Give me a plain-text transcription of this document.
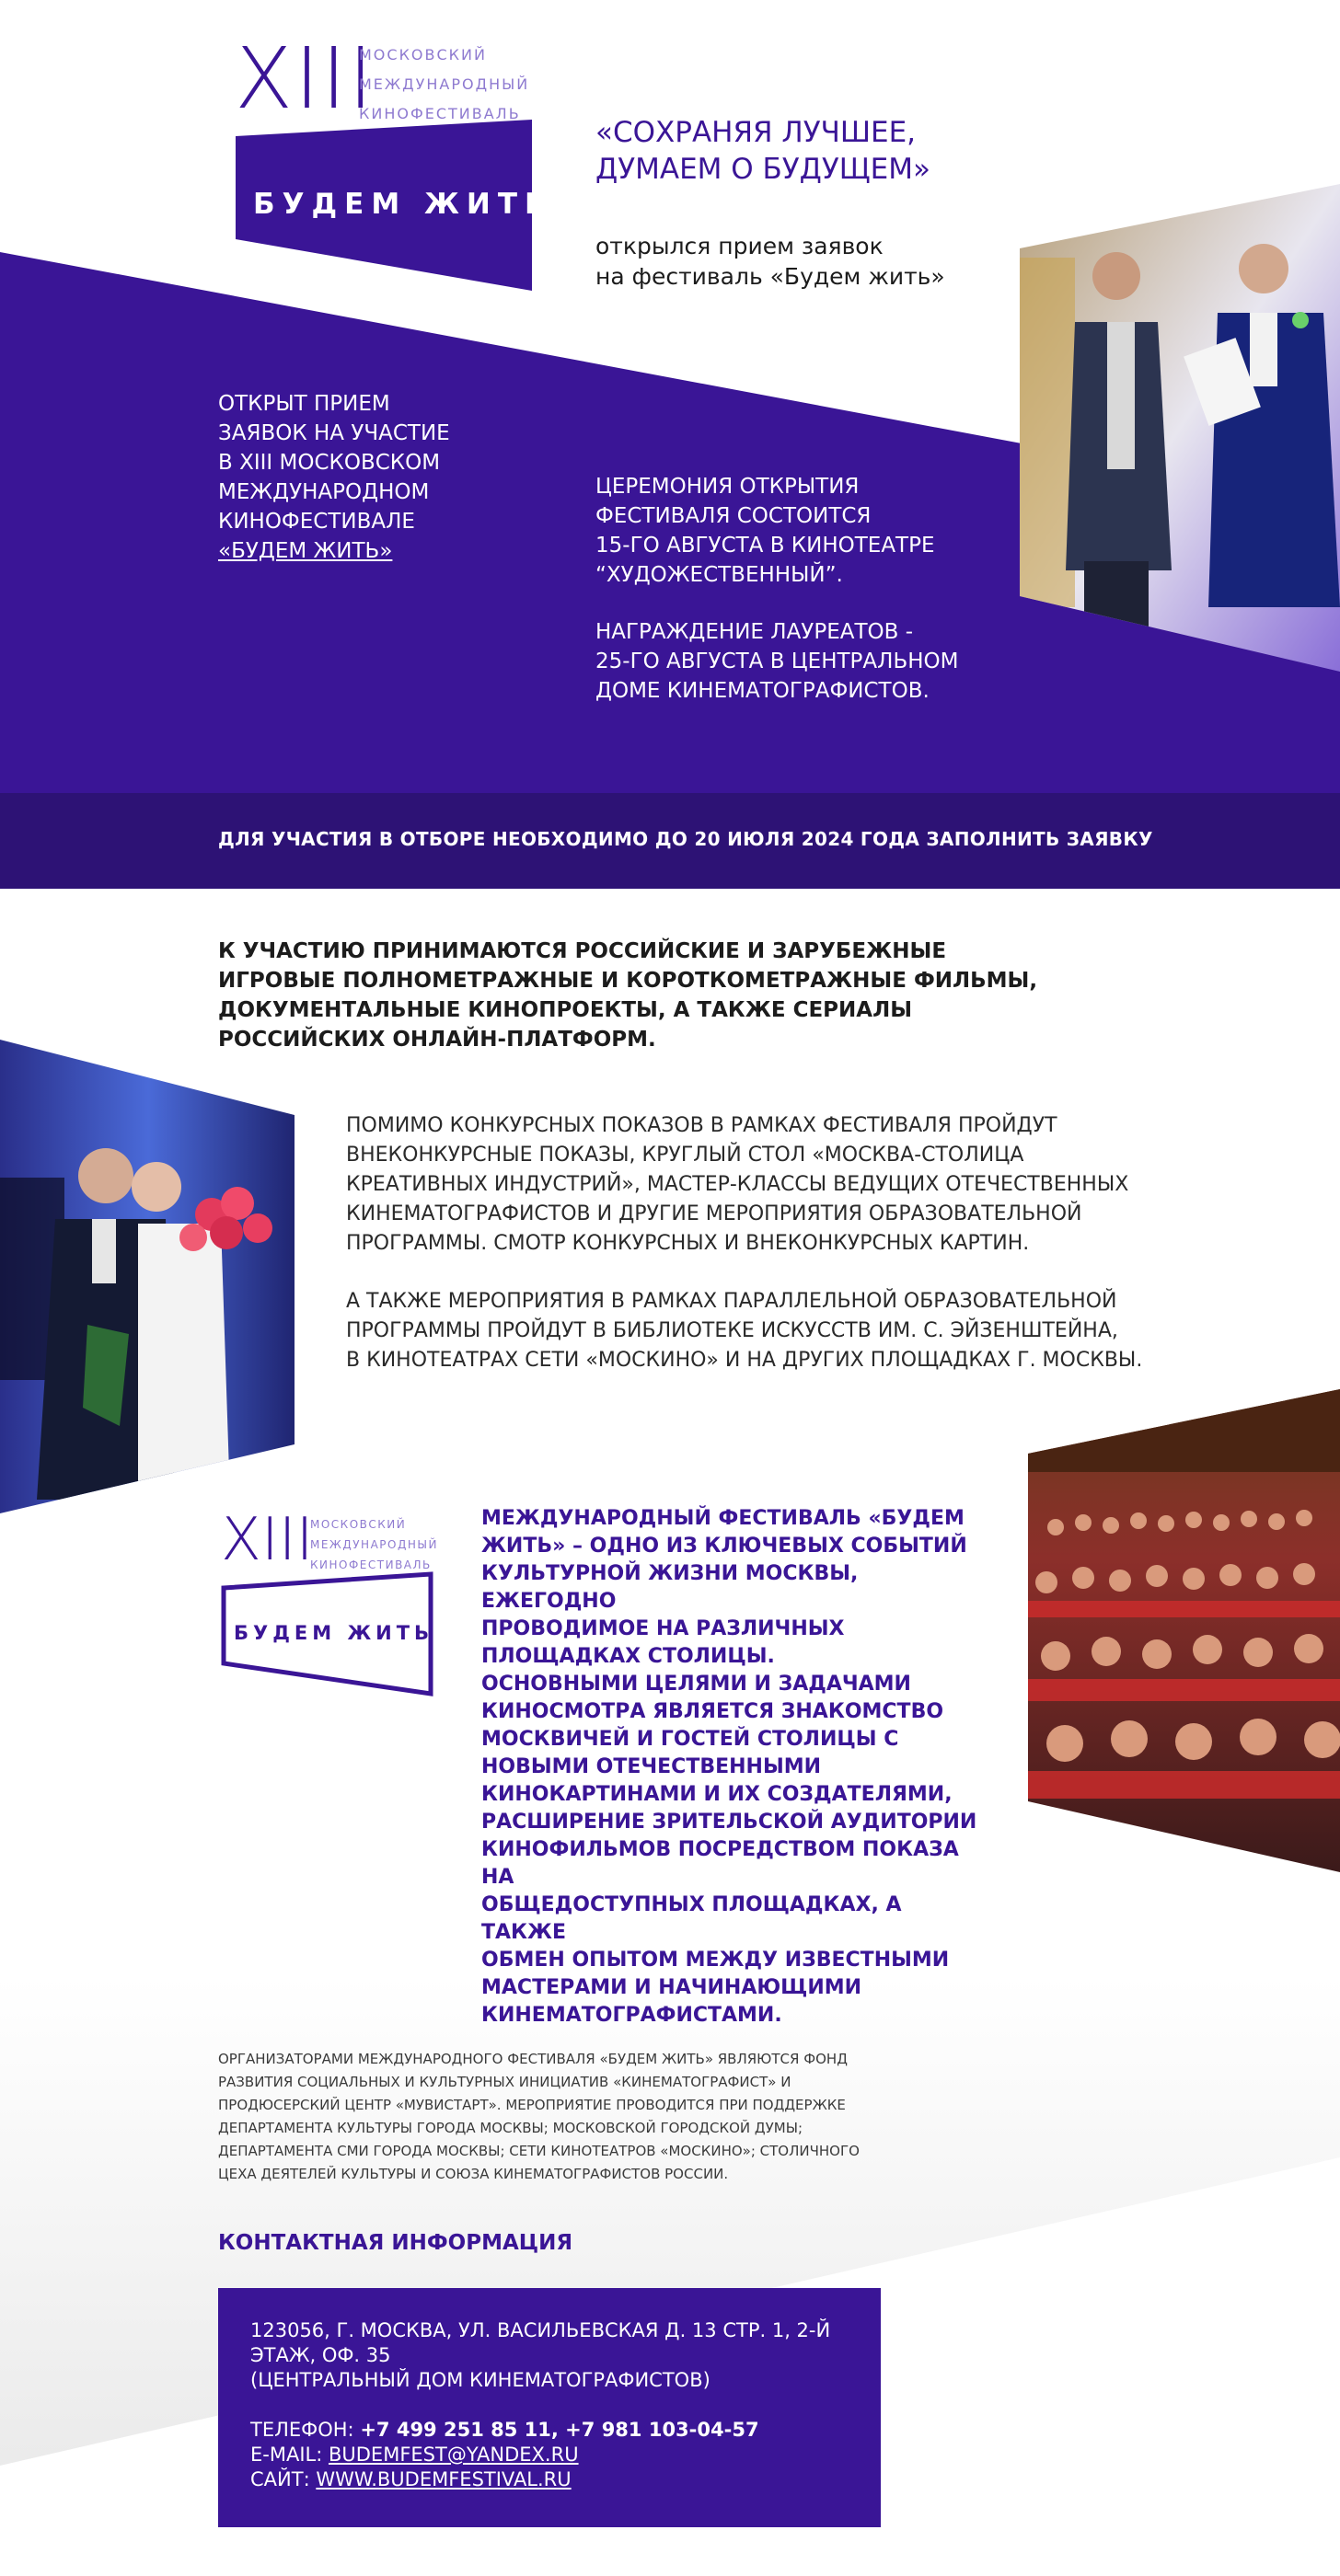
XIII
МОСКОВСКИЙ
МЕЖДУНАРОДНЫЙ
КИНОФЕСТИВАЛЬ
БУДЕМ ЖИТЬ
«СОХРАНЯЯ ЛУЧШЕЕ,
ДУМАЕМ О БУДУЩЕМ»
открылся прием заявок
на фестиваль «Будем жить»
ОТКРЫТ ПРИЕМ
ЗАЯВОК НА УЧАСТИЕ
В XIII МОСКОВСКОМ
МЕЖДУНАРОДНОМ
КИНОФЕСТИВАЛЕ
«БУДЕМ ЖИТЬ»
ЦЕРЕМОНИЯ ОТКРЫТИЯ
ФЕСТИВАЛЯ СОСТОИТСЯ
15-ГО АВГУСТА В КИНОТЕАТРЕ
“ХУДОЖЕСТВЕННЫЙ”.
НАГРАЖДЕНИЕ ЛАУРЕАТОВ -
25-ГО АВГУСТА В ЦЕНТРАЛЬНОМ
ДОМЕ КИНЕМАТОГРАФИСТОВ.
ДЛЯ УЧАСТИЯ В ОТБОРЕ НЕОБХОДИМО ДО 20 ИЮЛЯ 2024 ГОДА ЗАПОЛНИТЬ ЗАЯВКУ
К УЧАСТИЮ ПРИНИМАЮТСЯ РОССИЙСКИЕ И ЗАРУБЕЖНЫЕ
ИГРОВЫЕ ПОЛНОМЕТРАЖНЫЕ И КОРОТКОМЕТРАЖНЫЕ ФИЛЬМЫ,
ДОКУМЕНТАЛЬНЫЕ КИНОПРОЕКТЫ, А ТАКЖЕ СЕРИАЛЫ
РОССИЙСКИХ ОНЛАЙН-ПЛАТФОРМ.
ПОМИМО КОНКУРСНЫХ ПОКАЗОВ В РАМКАХ ФЕСТИВАЛЯ ПРОЙДУТ
ВНЕКОНКУРСНЫЕ ПОКАЗЫ, КРУГЛЫЙ СТОЛ «МОСКВА-СТОЛИЦА
КРЕАТИВНЫХ ИНДУСТРИЙ», МАСТЕР-КЛАССЫ ВЕДУЩИХ ОТЕЧЕСТВЕННЫХ
КИНЕМАТОГРАФИСТОВ И ДРУГИЕ МЕРОПРИЯТИЯ ОБРАЗОВАТЕЛЬНОЙ
ПРОГРАММЫ. СМОТР КОНКУРСНЫХ И ВНЕКОНКУРСНЫХ КАРТИН.
А ТАКЖЕ МЕРОПРИЯТИЯ В РАМКАХ ПАРАЛЛЕЛЬНОЙ ОБРАЗОВАТЕЛЬНОЙ
ПРОГРАММЫ ПРОЙДУТ В БИБЛИОТЕКЕ ИСКУССТВ ИМ. С. ЭЙЗЕНШТЕЙНА,
В КИНОТЕАТРАХ СЕТИ «МОСКИНО» И НА ДРУГИХ ПЛОЩАДКАХ Г. МОСКВЫ.
XIII
МОСКОВСКИЙ
МЕЖДУНАРОДНЫЙ
КИНОФЕСТИВАЛЬ
БУДЕМ ЖИТЬ
МЕЖДУНАРОДНЫЙ ФЕСТИВАЛЬ «БУДЕМ
ЖИТЬ» – ОДНО ИЗ КЛЮЧЕВЫХ СОБЫТИЙ
КУЛЬТУРНОЙ ЖИЗНИ МОСКВЫ, ЕЖЕГОДНО
ПРОВОДИМОЕ НА РАЗЛИЧНЫХ
ПЛОЩАДКАХ СТОЛИЦЫ.
ОСНОВНЫМИ ЦЕЛЯМИ И ЗАДАЧАМИ
КИНОСМОТРА ЯВЛЯЕТСЯ ЗНАКОМСТВО
МОСКВИЧЕЙ И ГОСТЕЙ СТОЛИЦЫ С
НОВЫМИ ОТЕЧЕСТВЕННЫМИ
КИНОКАРТИНАМИ И ИХ СОЗДАТЕЛЯМИ,
РАСШИРЕНИЕ ЗРИТЕЛЬСКОЙ АУДИТОРИИ
КИНОФИЛЬМОВ ПОСРЕДСТВОМ ПОКАЗА НА
ОБЩЕДОСТУПНЫХ ПЛОЩАДКАХ, А ТАКЖЕ
ОБМЕН ОПЫТОМ МЕЖДУ ИЗВЕСТНЫМИ
МАСТЕРАМИ И НАЧИНАЮЩИМИ
КИНЕМАТОГРАФИСТАМИ.
ОРГАНИЗАТОРАМИ МЕЖДУНАРОДНОГО ФЕСТИВАЛЯ «БУДЕМ ЖИТЬ» ЯВЛЯЮТСЯ ФОНД
РАЗВИТИЯ СОЦИАЛЬНЫХ И КУЛЬТУРНЫХ ИНИЦИАТИВ «КИНЕМАТОГРАФИСТ» И
ПРОДЮСЕРСКИЙ ЦЕНТР «МУВИСТАРТ». МЕРОПРИЯТИЕ ПРОВОДИТСЯ ПРИ ПОДДЕРЖКЕ
ДЕПАРТАМЕНТА КУЛЬТУРЫ ГОРОДА МОСКВЫ; МОСКОВСКОЙ ГОРОДСКОЙ ДУМЫ;
ДЕПАРТАМЕНТА СМИ ГОРОДА МОСКВЫ; СЕТИ КИНОТЕАТРОВ «МОСКИНО»; СТОЛИЧНОГО
ЦЕХА ДЕЯТЕЛЕЙ КУЛЬТУРЫ И СОЮЗА КИНЕМАТОГРАФИСТОВ РОССИИ.
КОНТАКТНАЯ ИНФОРМАЦИЯ
123056, Г. МОСКВА, УЛ. ВАСИЛЬЕВСКАЯ Д. 13 СТР. 1, 2-Й
ЭТАЖ, ОФ. 35
(ЦЕНТРАЛЬНЫЙ ДОМ КИНЕМАТОГРАФИСТОВ)
ТЕЛЕФОН: +7 499 251 85 11, +7 981 103-04-57
E-MAIL: BUDEMFEST@YANDEX.RU
САЙТ: WWW.BUDEMFESTIVAL.RU
